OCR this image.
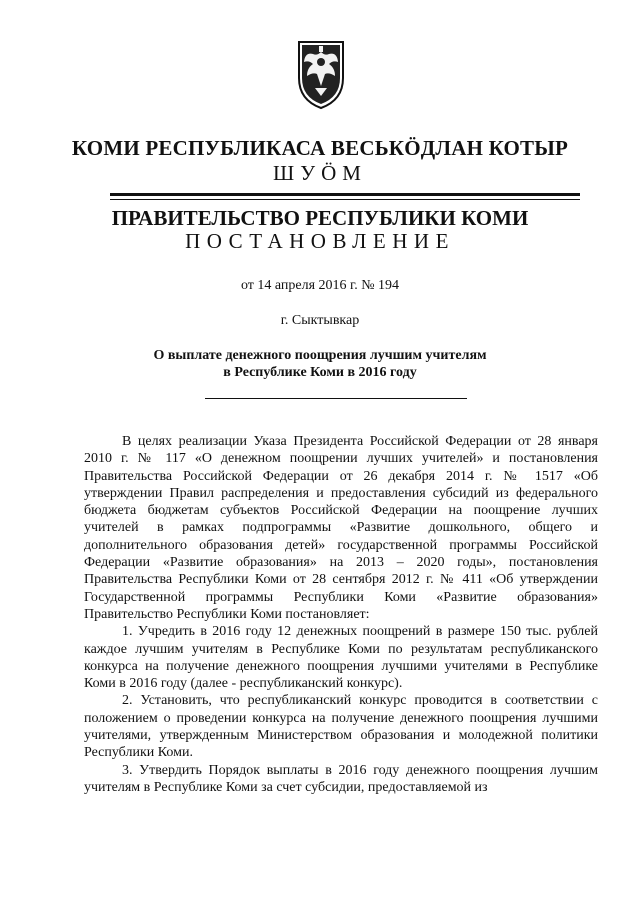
КОМИ РЕСПУБЛИКАСА ВЕСЬКÖДЛАН КОТЫР
ШУÖМ
ПРАВИТЕЛЬСТВО РЕСПУБЛИКИ КОМИ
ПОСТАНОВЛЕНИЕ
от 14 апреля 2016 г. № 194
г. Сыктывкар
О выплате денежного поощрения лучшим учителям
в Республике Коми в 2016 году

В целях реализации Указа Президента Российской Федерации от 28 января 2010 г. № 117 «О денежном поощрении лучших учителей» и постановления Правительства Российской Федерации от 26 декабря 2014 г. № 1517 «Об утверждении Правил распределения и предоставления субсидий из федерального бюджета бюджетам субъектов Российской Федерации на поощрение лучших учителей в рамках подпрограммы «Развитие дошкольного, общего и дополнительного образования детей» государственной программы Российской Федерации «Развитие образования» на 2013 – 2020 годы», постановления Правительства Республики Коми от 28 сентября 2012 г. № 411 «Об утверждении Государственной программы Республики Коми «Развитие образования» Правительство Республики Коми постановляет:

1. Учредить в 2016 году 12 денежных поощрений в размере 150 тыс. рублей каждое лучшим учителям в Республике Коми по результатам республиканского конкурса на получение денежного поощрения лучшими учителями в Республике Коми в 2016 году (далее - республиканский конкурс).

2. Установить, что республиканский конкурс проводится в соответствии с положением о проведении конкурса на получение денежного поощрения лучшими учителями, утвержденным Министерством образования и молодежной политики Республики Коми.

3. Утвердить Порядок выплаты в 2016 году денежного поощрения лучшим учителям в Республике Коми за счет субсидии, предоставляемой из
